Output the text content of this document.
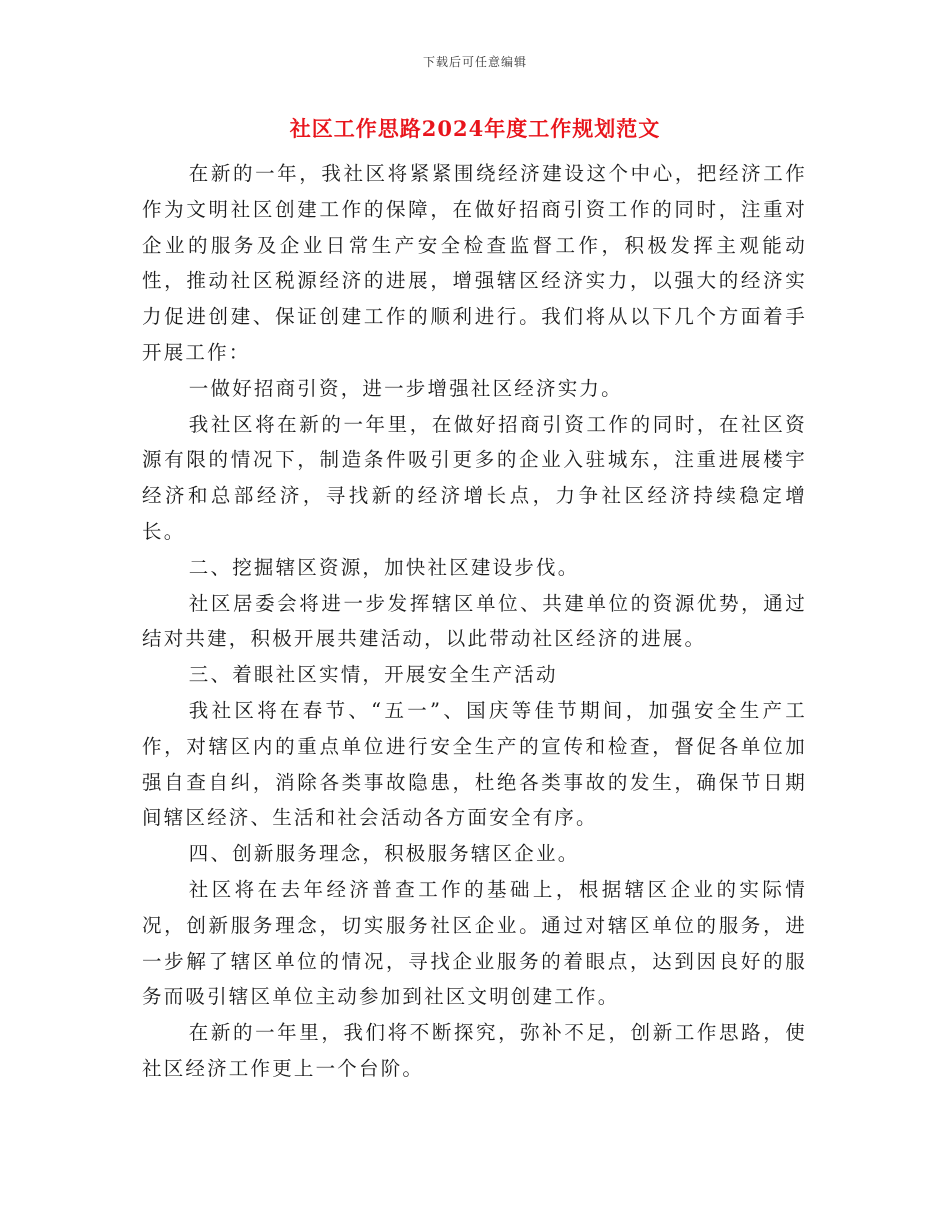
下载后可任意编辑
社区工作思路2024年度工作规划范文

在新的一年，我社区将紧紧围绕经济建设这个中心，把经济工作作为文明社区创建工作的保障，在做好招商引资工作的同时，注重对企业的服务及企业日常生产安全检查监督工作，积极发挥主观能动性，推动社区税源经济的进展，增强辖区经济实力，以强大的经济实力促进创建、保证创建工作的顺利进行。我们将从以下几个方面着手开展工作：

一做好招商引资，进一步增强社区经济实力。

我社区将在新的一年里，在做好招商引资工作的同时，在社区资源有限的情况下，制造条件吸引更多的企业入驻城东，注重进展楼宇经济和总部经济，寻找新的经济增长点，力争社区经济持续稳定增长。

二、挖掘辖区资源，加快社区建设步伐。

社区居委会将进一步发挥辖区单位、共建单位的资源优势，通过结对共建，积极开展共建活动，以此带动社区经济的进展。

三、着眼社区实情，开展安全生产活动

我社区将在春节、“五一”、国庆等佳节期间，加强安全生产工作，对辖区内的重点单位进行安全生产的宣传和检查，督促各单位加强自查自纠，消除各类事故隐患，杜绝各类事故的发生，确保节日期间辖区经济、生活和社会活动各方面安全有序。

四、创新服务理念，积极服务辖区企业。

社区将在去年经济普查工作的基础上，根据辖区企业的实际情况，创新服务理念，切实服务社区企业。通过对辖区单位的服务，进一步解了辖区单位的情况，寻找企业服务的着眼点，达到因良好的服务而吸引辖区单位主动参加到社区文明创建工作。

在新的一年里，我们将不断探究，弥补不足，创新工作思路，使社区经济工作更上一个台阶。
